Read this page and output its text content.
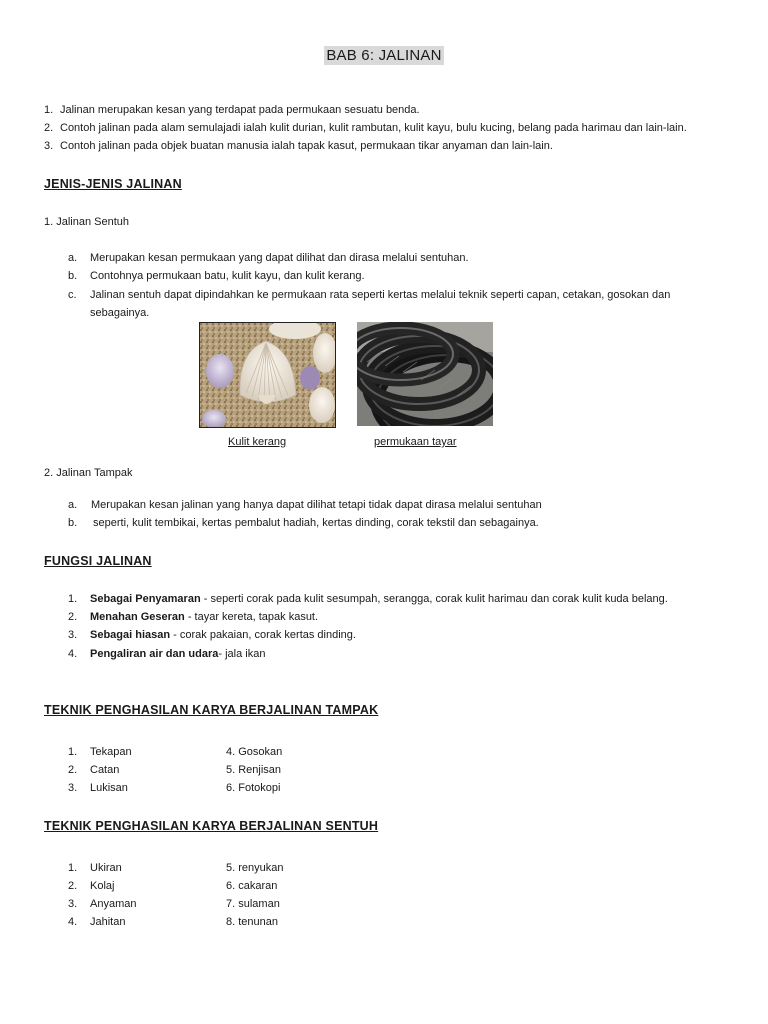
BAB 6: JALINAN
1. Jalinan merupakan kesan yang terdapat pada permukaan sesuatu benda.
2. Contoh jalinan pada alam semulajadi ialah kulit durian, kulit rambutan, kulit kayu, bulu kucing, belang pada harimau dan lain-lain.
3. Contoh jalinan pada objek buatan manusia ialah tapak kasut, permukaan tikar anyaman dan lain-lain.
JENIS-JENIS JALINAN
1. Jalinan Sentuh
a. Merupakan kesan permukaan yang dapat dilihat dan dirasa melalui sentuhan.
b. Contohnya permukaan batu, kulit kayu, dan kulit kerang.
c. Jalinan sentuh dapat dipindahkan ke permukaan rata seperti kertas melalui teknik seperti capan, cetakan, gosokan dan
sebagainya.
Kulit kerang	permukaan tayar
2. Jalinan Tampak
a. Merupakan kesan jalinan yang hanya dapat dilihat tetapi tidak dapat dirasa melalui sentuhan
b. seperti, kulit tembikai, kertas pembalut hadiah, kertas dinding, corak tekstil dan sebagainya.
FUNGSI JALINAN
1. Sebagai Penyamaran - seperti corak pada kulit sesumpah, serangga, corak kulit harimau dan corak kulit kuda belang.
2. Menahan Geseran - tayar kereta, tapak kasut.
3. Sebagai hiasan - corak pakaian, corak kertas dinding.
4. Pengaliran air dan udara- jala ikan
TEKNIK PENGHASILAN KARYA BERJALINAN TAMPAK
1. Tekapan
2. Catan
3. Lukisan
4. Gosokan
5. Renjisan
6. Fotokopi
TEKNIK PENGHASILAN KARYA BERJALINAN SENTUH
1. Ukiran
2. Kolaj
3. Anyaman
4. Jahitan
5. renyukan
6. cakaran
7. sulaman
8. tenunan
